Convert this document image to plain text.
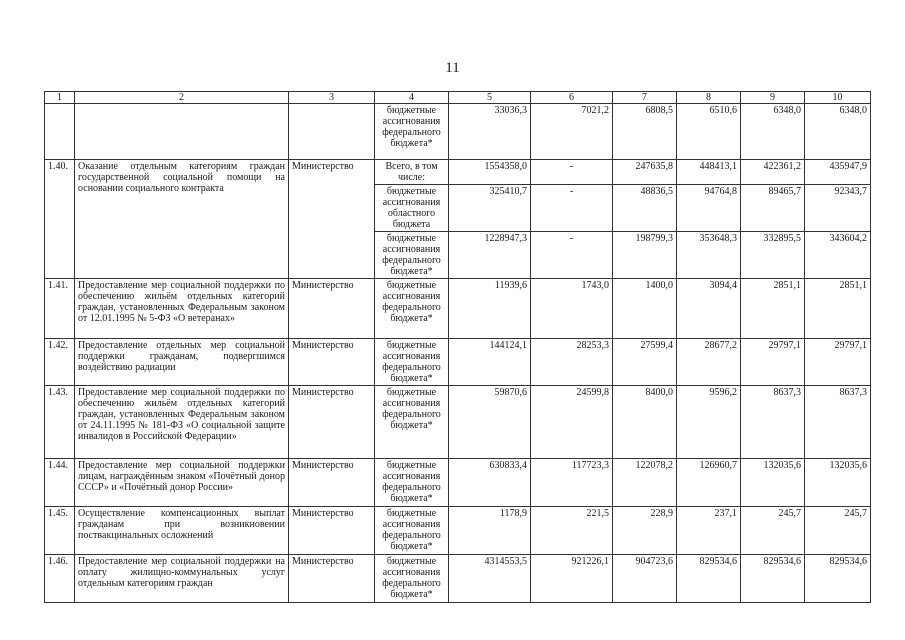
11
1	2	3	4	5	6	7	8	9	10
			бюджетные ассигнования федерального бюджета*	33036,3	7021,2	6808,5	6510,6	6348,0	6348,0
1.40.	Оказание отдельным категориям граждан государственной социальной помощи на основании социального контракта	Министерство	Всего, в том числе:	1554358,0	-	247635,8	448413,1	422361,2	435947,9
			бюджетные ассигнования областного бюджета	325410,7	-	48836,5	94764,8	89465,7	92343,7
			бюджетные ассигнования федерального бюджета*	1228947,3	-	198799,3	353648,3	332895,5	343604,2
1.41.	Предоставление мер социальной поддержки по обеспечению жильём отдельных категорий граждан, установленных Федеральным законом от 12.01.1995 № 5-ФЗ «О ветеранах»	Министерство	бюджетные ассигнования федерального бюджета*	11939,6	1743,0	1400,0	3094,4	2851,1	2851,1
1.42.	Предоставление отдельных мер социальной поддержки гражданам, подвергшимся воздействию радиации	Министерство	бюджетные ассигнования федерального бюджета*	144124,1	28253,3	27599,4	28677,2	29797,1	29797,1
1.43.	Предоставление мер социальной поддержки по обеспечению жильём отдельных категорий граждан, установленных Федеральным законом от 24.11.1995 № 181-ФЗ «О социальной защите инвалидов в Российской Федерации»	Министерство	бюджетные ассигнования федерального бюджета*	59870,6	24599,8	8400,0	9596,2	8637,3	8637,3
1.44.	Предоставление мер социальной поддержки лицам, награждённым знаком «Почётный донор СССР» и «Почётный донор России»	Министерство	бюджетные ассигнования федерального бюджета*	630833,4	117723,3	122078,2	126960,7	132035,6	132035,6
1.45.	Осуществление компенсационных выплат гражданам при возникновении поствакцинальных осложнений	Министерство	бюджетные ассигнования федерального бюджета*	1178,9	221,5	228,9	237,1	245,7	245,7
1.46.	Предоставление мер социальной поддержки на оплату жилищно-коммунальных услуг отдельным категориям граждан	Министерство	бюджетные ассигнования федерального бюджета*	4314553,5	921226,1	904723,6	829534,6	829534,6	829534,6
